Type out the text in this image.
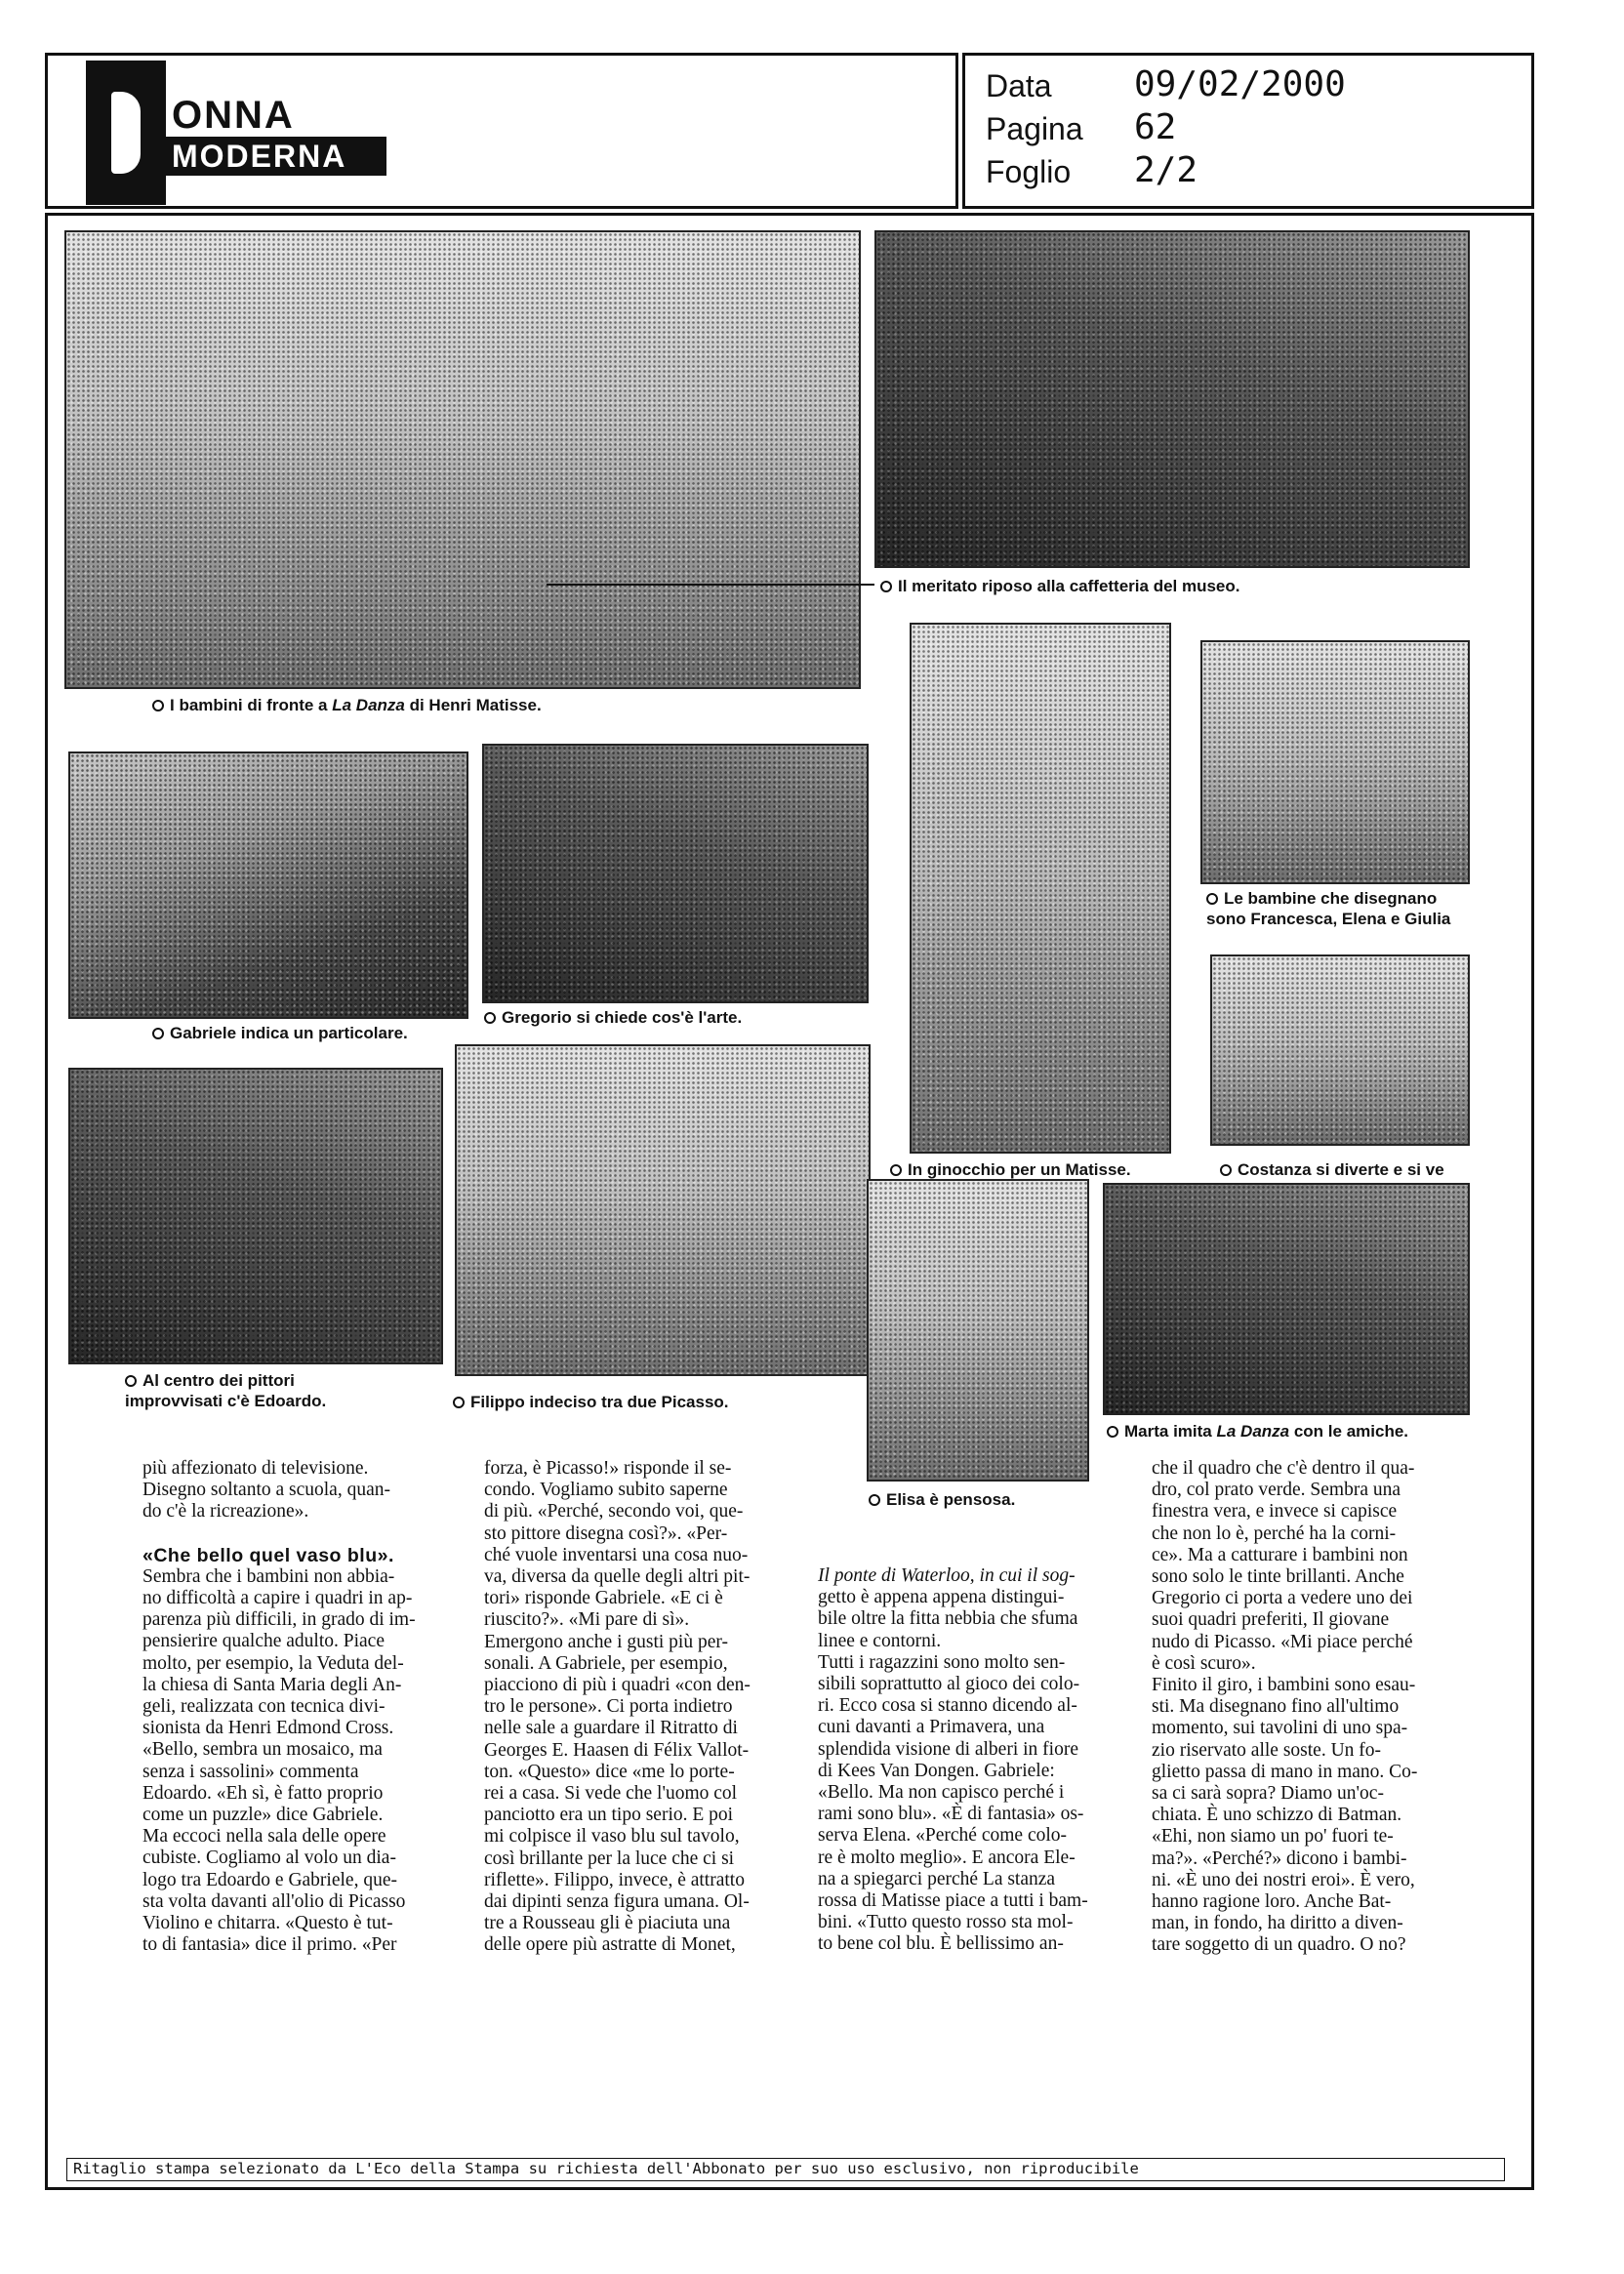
ONNA
MODERNA
Data 09/02/2000
Pagina 62
Foglio 2/2
I bambini di fronte a La Danza di Henri Matisse.
Il meritato riposo alla caffetteria del museo.
Le bambine che disegnano
sono Francesca, Elena e Giulia
Gabriele indica un particolare.
Gregorio si chiede cos'è l'arte.
In ginocchio per un Matisse.	Costanza si diverte e si ve
Al centro dei pittori
improvvisati c'è Edoardo.	Filippo indeciso tra due Picasso.
Marta imita La Danza con le amiche.
Elisa è pensosa.

più affezionato di televisione.

Disegno soltanto a scuola, quan-

do c'è la ricreazione».

«Che bello quel vaso blu».

Sembra che i bambini non abbia-

no difficoltà a capire i quadri in ap-

parenza più difficili, in grado di im-

pensierire qualche adulto. Piace

molto, per esempio, la Veduta del-

la chiesa di Santa Maria degli An-

geli, realizzata con tecnica divi-

sionista da Henri Edmond Cross.

«Bello, sembra un mosaico, ma

senza i sassolini» commenta

Edoardo. «Eh sì, è fatto proprio

come un puzzle» dice Gabriele.

Ma eccoci nella sala delle opere

cubiste. Cogliamo al volo un dia-

logo tra Edoardo e Gabriele, que-

sta volta davanti all'olio di Picasso

Violino e chitarra. «Questo è tut-

to di fantasia» dice il primo. «Per

forza, è Picasso!» risponde il se-

condo. Vogliamo subito saperne

di più. «Perché, secondo voi, que-

sto pittore disegna così?». «Per-

ché vuole inventarsi una cosa nuo-

va, diversa da quelle degli altri pit-

tori» risponde Gabriele. «E ci è

riuscito?». «Mi pare di sì».

Emergono anche i gusti più per-

sonali. A Gabriele, per esempio,

piacciono di più i quadri «con den-

tro le persone». Ci porta indietro

nelle sale a guardare il Ritratto di

Georges E. Haasen di Félix Vallot-

ton. «Questo» dice «me lo porte-

rei a casa. Si vede che l'uomo col

panciotto era un tipo serio. E poi

mi colpisce il vaso blu sul tavolo,

così brillante per la luce che ci si

riflette». Filippo, invece, è attratto

dai dipinti senza figura umana. Ol-

tre a Rousseau gli è piaciuta una

delle opere più astratte di Monet,

Il ponte di Waterloo, in cui il sog-

getto è appena appena distingui-

bile oltre la fitta nebbia che sfuma

linee e contorni.

Tutti i ragazzini sono molto sen-

sibili soprattutto al gioco dei colo-

ri. Ecco cosa si stanno dicendo al-

cuni davanti a Primavera, una

splendida visione di alberi in fiore

di Kees Van Dongen. Gabriele:

«Bello. Ma non capisco perché i

rami sono blu». «È di fantasia» os-

serva Elena. «Perché come colo-

re è molto meglio». E ancora Ele-

na a spiegarci perché La stanza

rossa di Matisse piace a tutti i bam-

bini. «Tutto questo rosso sta mol-

to bene col blu. È bellissimo an-

che il quadro che c'è dentro il qua-

dro, col prato verde. Sembra una

finestra vera, e invece si capisce

che non lo è, perché ha la corni-

ce». Ma a catturare i bambini non

sono solo le tinte brillanti. Anche

Gregorio ci porta a vedere uno dei

suoi quadri preferiti, Il giovane

nudo di Picasso. «Mi piace perché

è così scuro».

Finito il giro, i bambini sono esau-

sti. Ma disegnano fino all'ultimo

momento, sui tavolini di uno spa-

zio riservato alle soste. Un fo-

glietto passa di mano in mano. Co-

sa ci sarà sopra? Diamo un'oc-

chiata. È uno schizzo di Batman.

«Ehi, non siamo un po' fuori te-

ma?». «Perché?» dicono i bambi-

ni. «È uno dei nostri eroi». È vero,

hanno ragione loro. Anche Bat-

man, in fondo, ha diritto a diven-

tare soggetto di un quadro. O no?

Ritaglio stampa selezionato da L'Eco della Stampa su richiesta dell'Abbonato per suo uso esclusivo, non riproducibile
